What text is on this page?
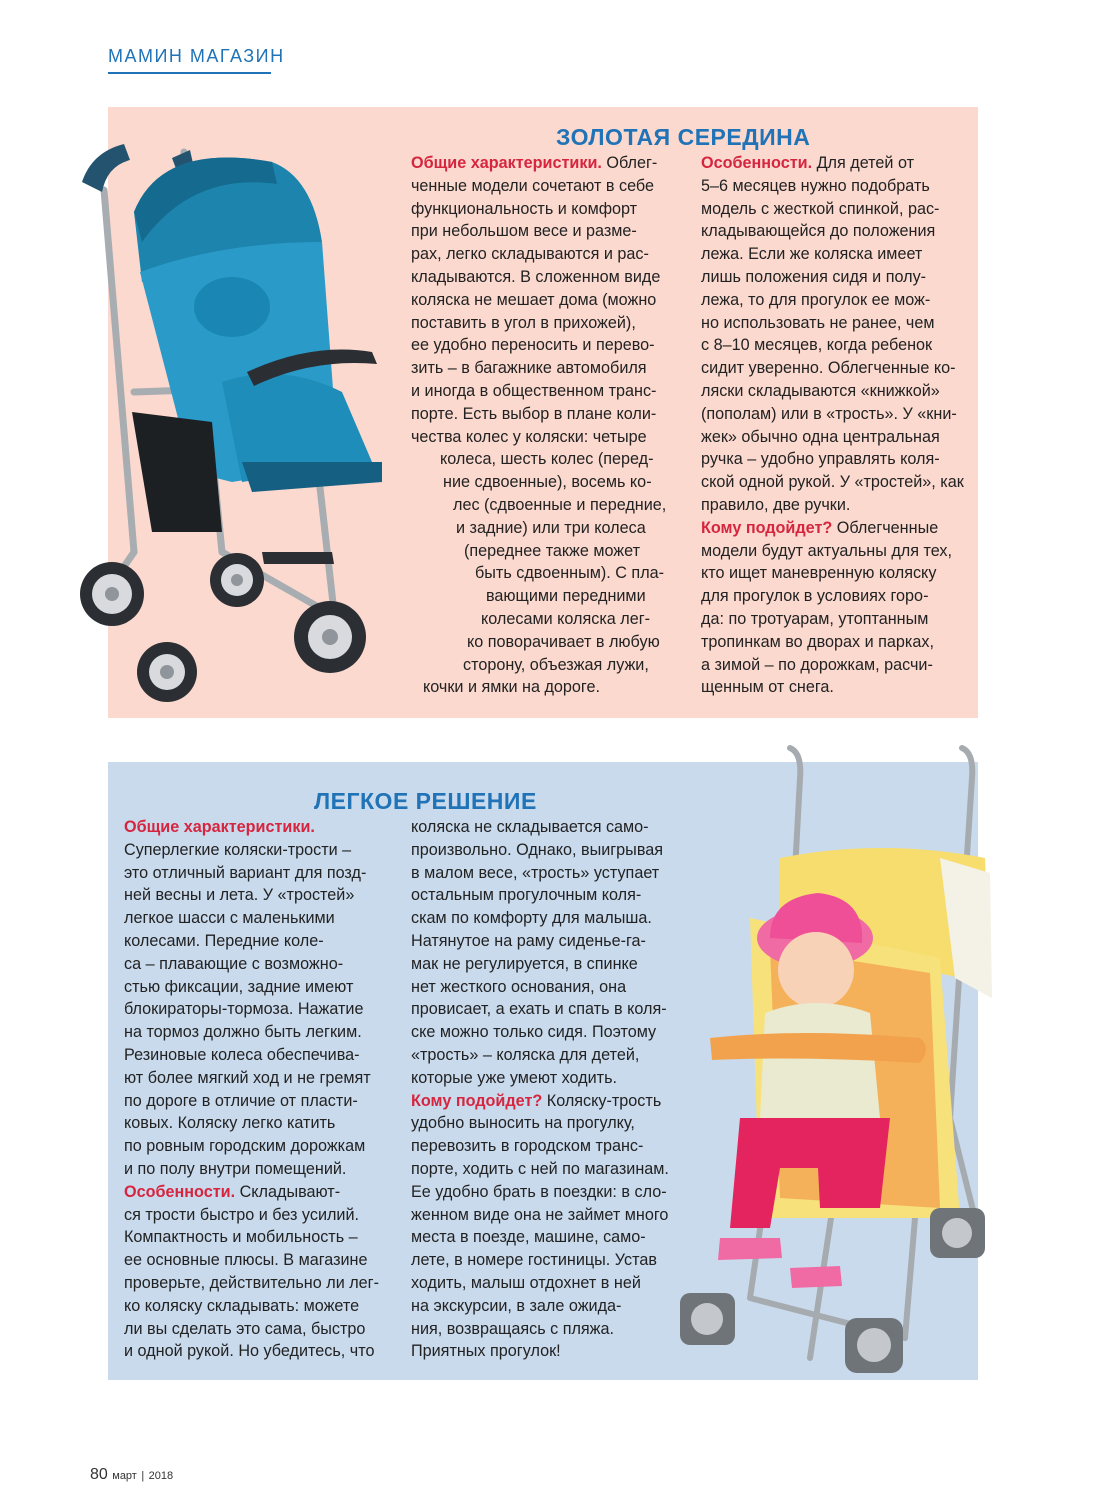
МАМИН МАГАЗИН
ЗОЛОТАЯ СЕРЕДИНА
Общие характеристики. Облег-
ченные модели сочетают в себе
функциональность и комфорт
при небольшом весе и разме-
рах, легко складываются и рас-
кладываются. В сложенном виде
коляска не мешает дома (можно
поставить в угол в прихожей),
ее удобно переносить и перево-
зить – в багажнике автомобиля
и иногда в общественном транс-
порте. Есть выбор в плане коли-
чества колес у коляски: четыре
колеса, шесть колес (перед-
ние сдвоенные), восемь ко-
лес (сдвоенные и передние,
и задние) или три колеса
(переднее также может
быть сдвоенным). С пла-
вающими передними
колесами коляска лег-
ко поворачивает в любую
сторону, объезжая лужи,
кочки и ямки на дороге.
Особенности. Для детей от
5–6 месяцев нужно подобрать
модель с жесткой спинкой, рас-
кладывающейся до положения
лежа. Если же коляска имеет
лишь положения сидя и полу-
лежа, то для прогулок ее мож-
но использовать не ранее, чем
с 8–10 месяцев, когда ребенок
сидит уверенно. Облегченные ко-
ляски складываются «книжкой»
(пополам) или в «трость». У «кни-
жек» обычно одна центральная
ручка – удобно управлять коля-
ской одной рукой. У «тростей», как
правило, две ручки.
Кому подойдет? Облегченные
модели будут актуальны для тех,
кто ищет маневренную коляску
для прогулок в условиях горо-
да: по тротуарам, утоптанным
тропинкам во дворах и парках,
а зимой – по дорожкам, расчи-
щенным от снега.
ЛЕГКОЕ РЕШЕНИЕ
Общие характеристики.
Суперлегкие коляски-трости –
это отличный вариант для позд-
ней весны и лета. У «тростей»
легкое шасси с маленькими
колесами. Передние коле-
са – плавающие с возможно-
стью фиксации, задние имеют
блокираторы-тормоза. Нажатие
на тормоз должно быть легким.
Резиновые колеса обеспечива-
ют более мягкий ход и не гремят
по дороге в отличие от пласти-
ковых. Коляску легко катить
по ровным городским дорожкам
и по полу внутри помещений.
Особенности. Складывают-
ся трости быстро и без усилий.
Компактность и мобильность –
ее основные плюсы. В магазине
проверьте, действительно ли лег-
ко коляску складывать: можете
ли вы сделать это сама, быстро
и одной рукой. Но убедитесь, что
коляска не складывается само-
произвольно. Однако, выигрывая
в малом весе, «трость» уступает
остальным прогулочным коля-
скам по комфорту для малыша.
Натянутое на раму сиденье-га-
мак не регулируется, в спинке
нет жесткого основания, она
провисает, а ехать и спать в коля-
ске можно только сидя. Поэтому
«трость» – коляска для детей,
которые уже умеют ходить.
Кому подойдет? Коляску-трость
удобно выносить на прогулку,
перевозить в городском транс-
порте, ходить с ней по магазинам.
Ее удобно брать в поездки: в сло-
женном виде она не займет много
места в поезде, машине, само-
лете, в номере гостиницы. Устав
ходить, малыш отдохнет в ней
на экскурсии, в зале ожида-
ния, возвращаясь с пляжа.
Приятных прогулок!
80 март | 2018
